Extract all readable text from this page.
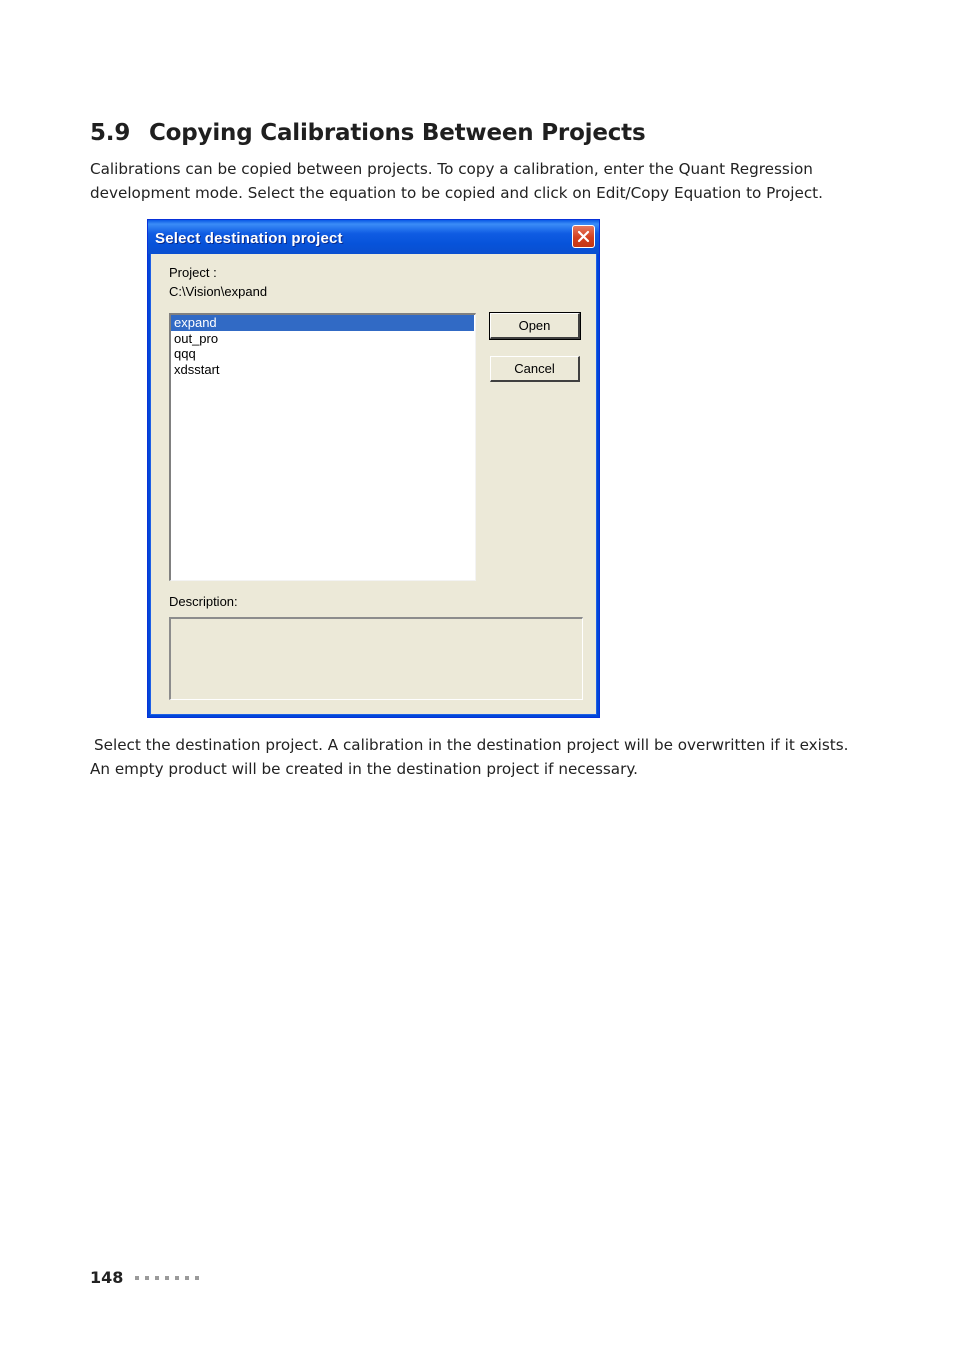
5.9 Copying Calibrations Between Projects

Calibrations can be copied between projects. To copy a calibration, enter the Quant Regression development mode. Select the equation to be copied and click on Edit/Copy Equation to Project.

Select destination project
Project :
C:\Vision\expand
expand
out_pro
qqq
xdsstart
Open
Cancel
Description:

Select the destination project. A calibration in the destination project will be overwritten if it exists.
An empty product will be created in the destination project if necessary.

148
